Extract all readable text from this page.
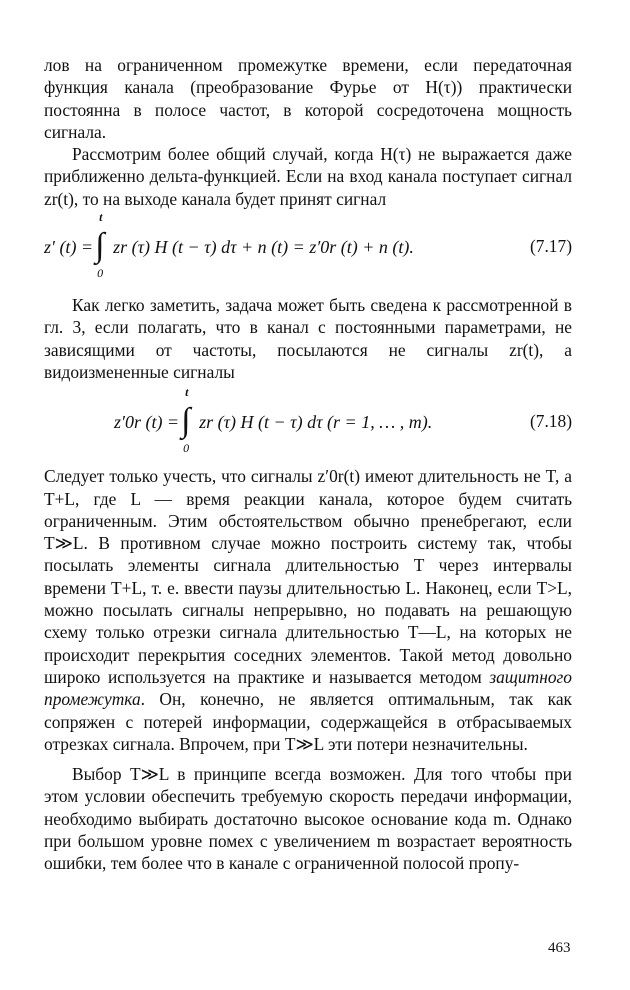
лов на ограниченном промежутке времени, если передаточная функция канала (преобразование Фурье от H(τ)) практически постоянна в полосе частот, в которой сосредоточена мощность сигнала.

Рассмотрим более общий случай, когда H(τ) не выражается даже приближенно дельта-функцией. Если на вход канала поступает сигнал zr(t), то на выходе канала будет принят сигнал

z′ (t) = ∫
t
0
zr (τ) H (t − τ) dτ + n (t) = z′0r (t) + n (t).	(7.17)

Как легко заметить, задача может быть сведена к рассмотренной в гл. 3, если полагать, что в канал с постоянными параметрами, не зависящими от частоты, посылаются не сигналы zr(t), а видоизмененные сигналы

z′0r (t) = ∫
t
0
zr (τ) H (t − τ) dτ (r = 1, … , m).	(7.18)

Следует только учесть, что сигналы z′0r(t) имеют длительность не T, а T+L, где L — время реакции канала, которое будем считать ограниченным. Этим обстоятельством обычно пренебрегают, если T≫L. В противном случае можно построить систему так, чтобы посылать элементы сигнала длительностью T через интервалы времени T+L, т. е. ввести паузы длительностью L. Наконец, если T>L, можно посылать сигналы непрерывно, но подавать на решающую схему только отрезки сигнала длительностью T—L, на которых не происходит перекрытия соседних элементов. Такой метод довольно широко используется на практике и называется методом защитного промежутка. Он, конечно, не является оптимальным, так как сопряжен с потерей информации, содержащейся в отбрасываемых отрезках сигнала. Впрочем, при T≫L эти потери незначительны.

Выбор T≫L в принципе всегда возможен. Для того чтобы при этом условии обеспечить требуемую скорость передачи информации, необходимо выбирать достаточно высокое основание кода m. Однако при большом уровне помех с увеличением m возрастает вероятность ошибки, тем более что в канале с ограниченной полосой пропу-

463
